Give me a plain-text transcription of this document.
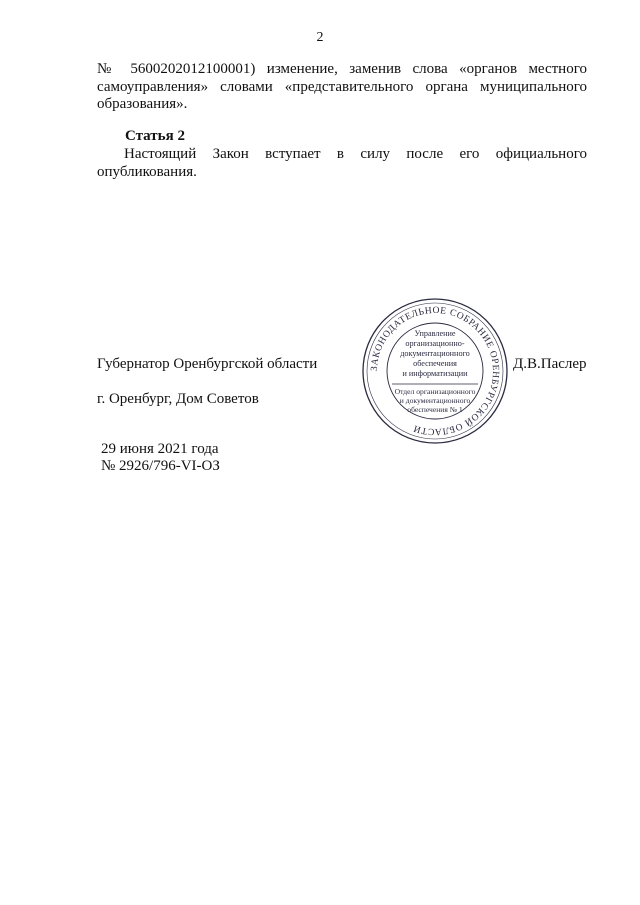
2

№ 5600202012100001) изменение, заменив слова «органов местного
самоуправления» словами «представительного органа муниципального
образования».

Статья 2

Настоящий Закон вступает в силу после его официального
опубликования.

ЗАКОНОДАТЕЛЬНОЕ СОБРАНИЕ ОРЕНБУРГСКОЙ ОБЛАСТИ
Управление
организационно-
документационного
обеспечения
и информатизации
Отдел организационного
и документационного
обеспечения № 1
Губернатор Оренбургской области	Д.В.Паслер
г. Оренбург, Дом Советов
29 июня 2021 года
№ 2926/796-VI-ОЗ
